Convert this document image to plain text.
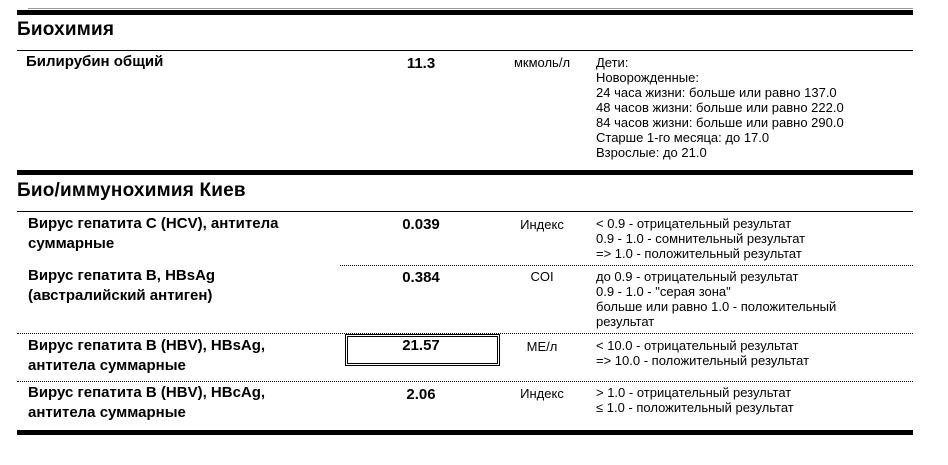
Биохимия
Билирубин общий	11.3	мкмоль/л	Дети:
Новорожденные:
24 часа жизни: больше или равно 137.0
48 часов жизни: больше или равно 222.0
84 часов жизни: больше или равно 290.0
Старше 1-го месяца: до 17.0
Взрослые: до 21.0
Био/иммунохимия Киев
Вирус гепатита С (HCV), антитела
суммарные
0.039	Индекс	< 0.9 - отрицательный результат
0.9 - 1.0 - сомнительный результат
=> 1.0 - положительный результат
Вирус гепатита В, HBsAg
(австралийский антиген)
0.384	COI	до 0.9 - отрицательный результат
0.9 - 1.0 - "серая зона"
больше или равно 1.0 - положительный
результат
Вирус гепатита В (HBV), HBsAg,
антитела суммарные
21.57	МЕ/л	< 10.0 - отрицательный результат
=> 10.0 - положительный результат
Вирус гепатита В (HBV), HBcAg,
антитела суммарные
2.06	Индекс	> 1.0 - отрицательный результат
≤ 1.0 - положительный результат
